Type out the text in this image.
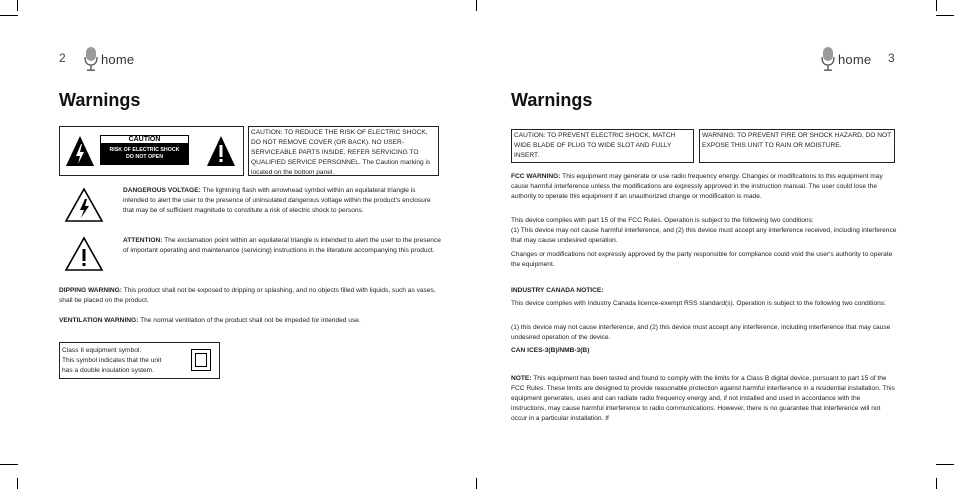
2	home
Warnings
CAUTION
RISK OF ELECTRIC SHOCK
DO NOT OPEN
CAUTION: TO REDUCE THE RISK OF ELECTRIC SHOCK, DO NOT REMOVE COVER (OR BACK). NO USER-SERVICEABLE PARTS INSIDE. REFER SERVICING TO QUALIFIED SERVICE PERSONNEL. The Caution marking is located on the bottom panel.

DANGEROUS VOLTAGE: The lightning flash with arrowhead symbol within an equilateral triangle is intended to alert the user to the presence of uninsulated dangerous voltage within the product's enclosure that may be of sufficient magnitude to constitute a risk of electric shock to persons.

ATTENTION: The exclamation point within an equilateral triangle is intended to alert the user to the presence of important operating and maintenance (servicing) instructions in the literature accompanying this product.

DIPPING WARNING: This product shall not be exposed to dripping or splashing, and no objects filled with liquids, such as vases, shall be placed on the product.

VENTILATION WARNING: The normal ventilation of the product shall not be impeded for intended use.

Class II equipment symbol.
This symbol indicates that the unit
has a double insulation system.
home 3
Warnings
CAUTION: TO PREVENT ELECTRIC SHOCK, MATCH WIDE BLADE OF PLUG TO WIDE SLOT AND FULLY INSERT.
WARNING: TO PREVENT FIRE OR SHOCK HAZARD, DO NOT EXPOSE THIS UNIT TO RAIN OR MOISTURE.

FCC WARNING: This equipment may generate or use radio frequency energy. Changes or modifications to this equipment may cause harmful interference unless the modifications are expressly approved in the instruction manual. The user could lose the authority to operate this equipment if an unauthorized change or modification is made.

This device complies with part 15 of the FCC Rules. Operation is subject to the following two conditions:

(1) This device may not cause harmful interference, and (2) this device must accept any interference received, including interference that may cause undesired operation.

Changes or modifications not expressly approved by the party responsible for compliance could void the user's authority to operate the equipment.

INDUSTRY CANADA NOTICE:

This device complies with Industry Canada licence-exempt RSS standard(s). Operation is subject to the following two conditions:

(1) this device may not cause interference, and (2) this device must accept any interference, including interference that may cause undesired operation of the device.

CAN ICES-3(B)/NMB-3(B)

NOTE: This equipment has been tested and found to comply with the limits for a Class B digital device, pursuant to part 15 of the FCC Rules. These limits are designed to provide reasonable protection against harmful interference in a residential installation. This equipment generates, uses and can radiate radio frequency energy and, if not installed and used in accordance with the instructions, may cause harmful interference to radio communications. However, there is no guarantee that interference will not occur in a particular installation. If
